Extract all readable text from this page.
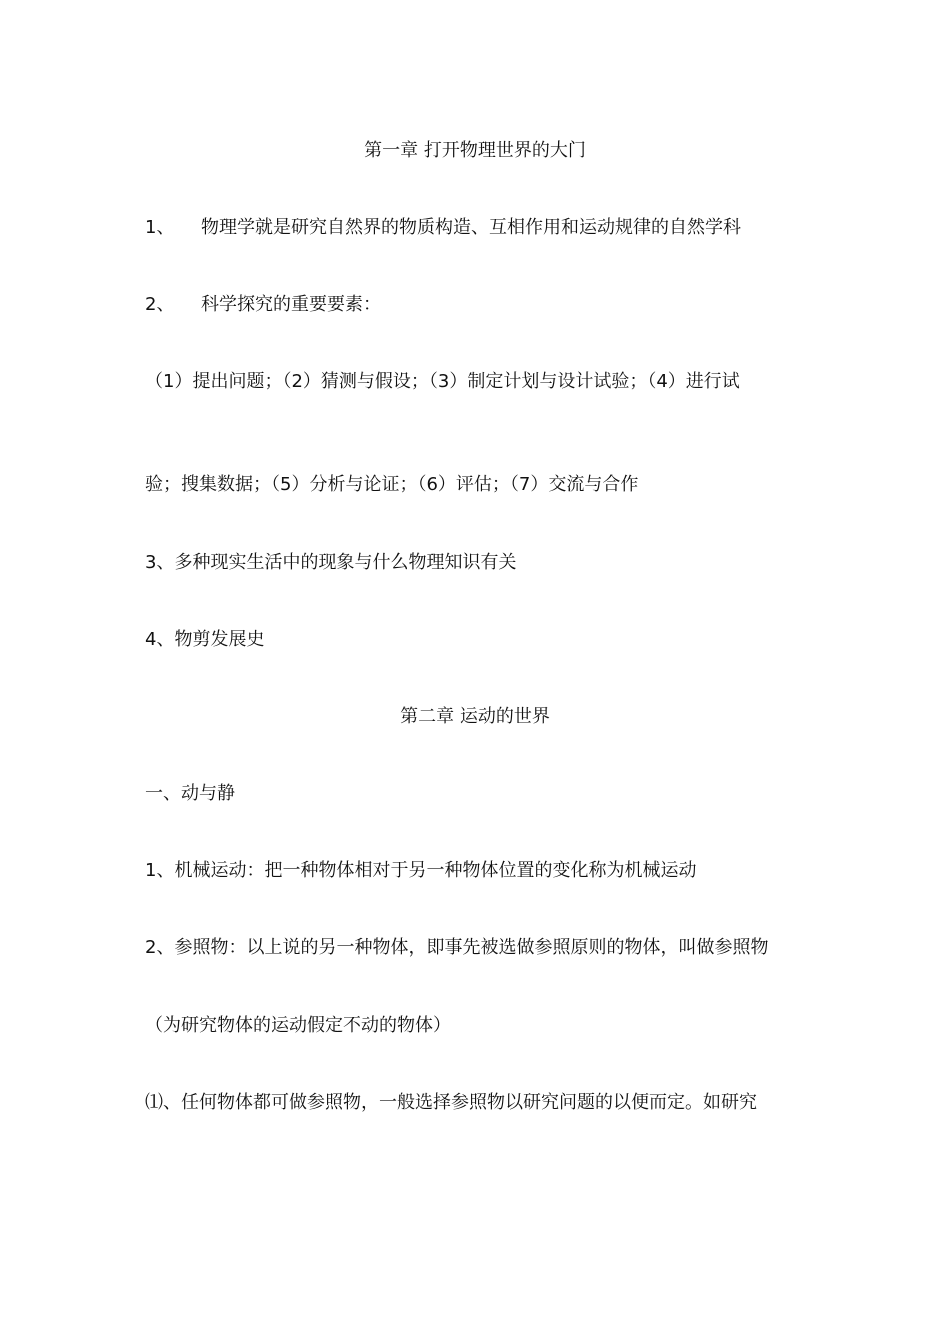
第一章 打开物理世界的大门
1、 物理学就是研究自然界的物质构造、互相作用和运动规律的自然学科
2、 科学探究的重要要素：
（1）提出问题；（2）猜测与假设；（3）制定计划与设计试验；（4）进行试
验；搜集数据；（5）分析与论证；（6）评估；（7）交流与合作
3、多种现实生活中的现象与什么物理知识有关
4、物剪发展史
第二章 运动的世界
一、动与静
1、机械运动：把一种物体相对于另一种物体位置的变化称为机械运动
2、参照物：以上说的另一种物体，即事先被选做参照原则的物体，叫做参照物
（为研究物体的运动假定不动的物体）
⑴、任何物体都可做参照物，一般选择参照物以研究问题的以便而定。如研究
